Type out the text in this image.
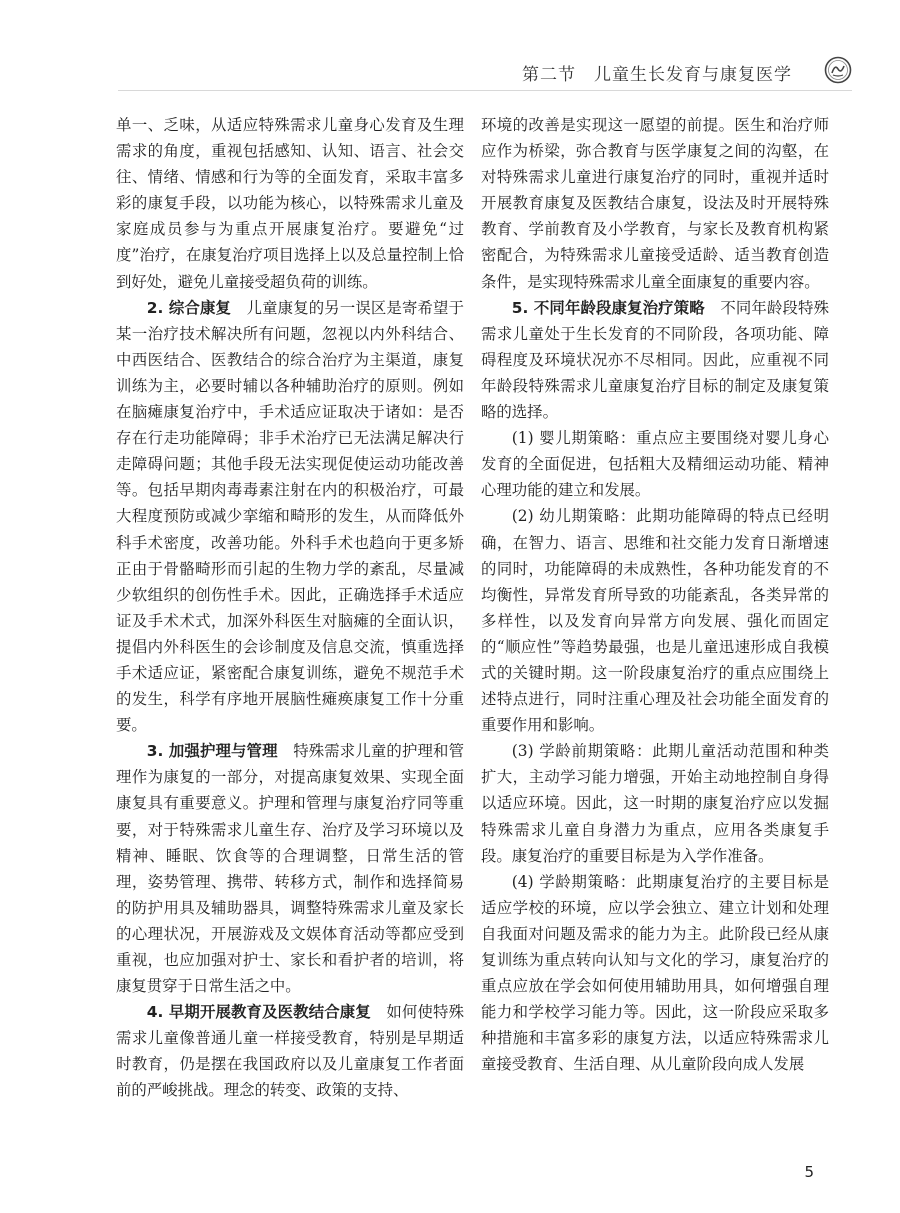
第二节　儿童生长发育与康复医学

单一、乏味，从适应特殊需求儿童身心发育及生理需求的角度，重视包括感知、认知、语言、社会交往、情绪、情感和行为等的全面发育，采取丰富多彩的康复手段，以功能为核心，以特殊需求儿童及家庭成员参与为重点开展康复治疗。要避免“过度”治疗，在康复治疗项目选择上以及总量控制上恰到好处，避免儿童接受超负荷的训练。

2. 综合康复　 儿童康复的另一误区是寄希望于某一治疗技术解决所有问题，忽视以内外科结合、中西医结合、医教结合的综合治疗为主渠道，康复训练为主，必要时辅以各种辅助治疗的原则。例如在脑瘫康复治疗中，手术适应证取决于诸如：是否存在行走功能障碍；非手术治疗已无法满足解决行走障碍问题；其他手段无法实现促使运动功能改善等。包括早期肉毒毒素注射在内的积极治疗，可最大程度预防或减少挛缩和畸形的发生，从而降低外科手术密度，改善功能。外科手术也趋向于更多矫正由于骨骼畸形而引起的生物力学的紊乱，尽量减少软组织的创伤性手术。因此，正确选择手术适应证及手术术式，加深外科医生对脑瘫的全面认识，提倡内外科医生的会诊制度及信息交流，慎重选择手术适应证，紧密配合康复训练，避免不规范手术的发生，科学有序地开展脑性瘫痪康复工作十分重要。

3. 加强护理与管理　 特殊需求儿童的护理和管理作为康复的一部分，对提高康复效果、实现全面康复具有重要意义。护理和管理与康复治疗同等重要，对于特殊需求儿童生存、治疗及学习环境以及精神、睡眠、饮食等的合理调整，日常生活的管理，姿势管理、携带、转移方式，制作和选择简易的防护用具及辅助器具，调整特殊需求儿童及家长的心理状况，开展游戏及文娱体育活动等都应受到重视，也应加强对护士、家长和看护者的培训，将康复贯穿于日常生活之中。

4. 早期开展教育及医教结合康复　 如何使特殊需求儿童像普通儿童一样接受教育，特别是早期适时教育，仍是摆在我国政府以及儿童康复工作者面前的严峻挑战。理念的转变、政策的支持、

环境的改善是实现这一愿望的前提。医生和治疗师应作为桥梁，弥合教育与医学康复之间的沟壑，在对特殊需求儿童进行康复治疗的同时，重视并适时开展教育康复及医教结合康复，设法及时开展特殊教育、学前教育及小学教育，与家长及教育机构紧密配合，为特殊需求儿童接受适龄、适当教育创造条件，是实现特殊需求儿童全面康复的重要内容。

5. 不同年龄段康复治疗策略　 不同年龄段特殊需求儿童处于生长发育的不同阶段，各项功能、障碍程度及环境状况亦不尽相同。因此，应重视不同年龄段特殊需求儿童康复治疗目标的制定及康复策略的选择。

(1) 婴儿期策略：重点应主要围绕对婴儿身心发育的全面促进，包括粗大及精细运动功能、精神心理功能的建立和发展。

(2) 幼儿期策略：此期功能障碍的特点已经明确，在智力、语言、思维和社交能力发育日渐增速的同时，功能障碍的未成熟性，各种功能发育的不均衡性，异常发育所导致的功能紊乱，各类异常的多样性，以及发育向异常方向发展、强化而固定的“顺应性”等趋势最强，也是儿童迅速形成自我模式的关键时期。这一阶段康复治疗的重点应围绕上述特点进行，同时注重心理及社会功能全面发育的重要作用和影响。

(3) 学龄前期策略：此期儿童活动范围和种类扩大，主动学习能力增强，开始主动地控制自身得以适应环境。因此，这一时期的康复治疗应以发掘特殊需求儿童自身潜力为重点，应用各类康复手段。康复治疗的重要目标是为入学作准备。

(4) 学龄期策略：此期康复治疗的主要目标是适应学校的环境，应以学会独立、建立计划和处理自我面对问题及需求的能力为主。此阶段已经从康复训练为重点转向认知与文化的学习，康复治疗的重点应放在学会如何使用辅助用具，如何增强自理能力和学校学习能力等。因此，这一阶段应采取多种措施和丰富多彩的康复方法，以适应特殊需求儿童接受教育、生活自理、从儿童阶段向成人发展

5
